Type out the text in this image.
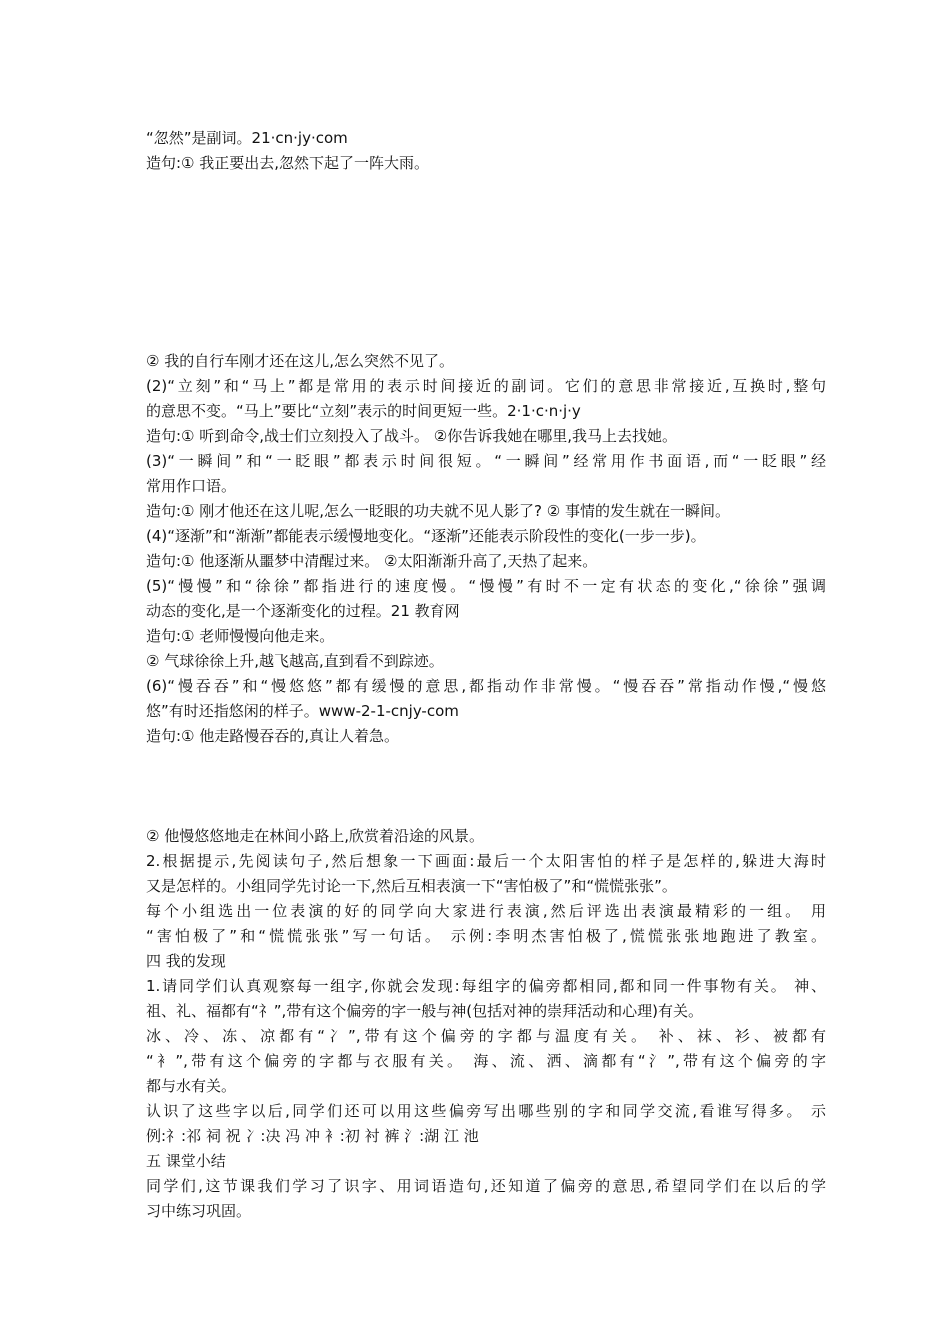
“忽然”是副词。21·cn·jy·com
造句:① 我正要出去,忽然下起了一阵大雨。
② 我的自行车刚才还在这儿,怎么突然不见了。
(2)“立刻”和“马上”都是常用的表示时间接近的副词。它们的意思非常接近,互换时,整句
的意思不变。“马上”要比“立刻”表示的时间更短一些。2·1·c·n·j·y
造句:① 听到命令,战士们立刻投入了战斗。 ②你告诉我她在哪里,我马上去找她。
(3)“一瞬间”和“一眨眼”都表示时间很短。“一瞬间”经常用作书面语,而“一眨眼”经
常用作口语。
造句:① 刚才他还在这儿呢,怎么一眨眼的功夫就不见人影了? ② 事情的发生就在一瞬间。
(4)“逐渐”和“渐渐”都能表示缓慢地变化。“逐渐”还能表示阶段性的变化(一步一步)。
造句:① 他逐渐从噩梦中清醒过来。 ②太阳渐渐升高了,天热了起来。
(5)“慢慢”和“徐徐”都指进行的速度慢。“慢慢”有时不一定有状态的变化,“徐徐”强调
动态的变化,是一个逐渐变化的过程。21 教育网
造句:① 老师慢慢向他走来。
② 气球徐徐上升,越飞越高,直到看不到踪迹。
(6)“慢吞吞”和“慢悠悠”都有缓慢的意思,都指动作非常慢。“慢吞吞”常指动作慢,“慢悠
悠”有时还指悠闲的样子。www-2-1-cnjy-com
造句:① 他走路慢吞吞的,真让人着急。
② 他慢悠悠地走在林间小路上,欣赏着沿途的风景。
2.根据提示,先阅读句子,然后想象一下画面:最后一个太阳害怕的样子是怎样的,躲进大海时
又是怎样的。小组同学先讨论一下,然后互相表演一下“害怕极了”和“慌慌张张”。
每个小组选出一位表演的好的同学向大家进行表演,然后评选出表演最精彩的一组。 用
“害怕极了”和“慌慌张张”写一句话。 示例:李明杰害怕极了,慌慌张张地跑进了教室。
四 我的发现
1.请同学们认真观察每一组字,你就会发现:每组字的偏旁都相同,都和同一件事物有关。 神、
祖、礼、福都有“礻”,带有这个偏旁的字一般与神(包括对神的崇拜活动和心理)有关。
冰、冷、冻、凉都有“冫”,带有这个偏旁的字都与温度有关。 补、袜、衫、被都有
“衤”,带有这个偏旁的字都与衣服有关。 海、流、洒、滴都有“氵”,带有这个偏旁的字
都与水有关。
认识了这些字以后,同学们还可以用这些偏旁写出哪些别的字和同学交流,看谁写得多。 示
例:礻:祁 祠 祝 冫:决 冯 冲 衤:初 衬 裤 氵:湖 江 池
五 课堂小结
同学们,这节课我们学习了识字、用词语造句,还知道了偏旁的意思,希望同学们在以后的学
习中练习巩固。
